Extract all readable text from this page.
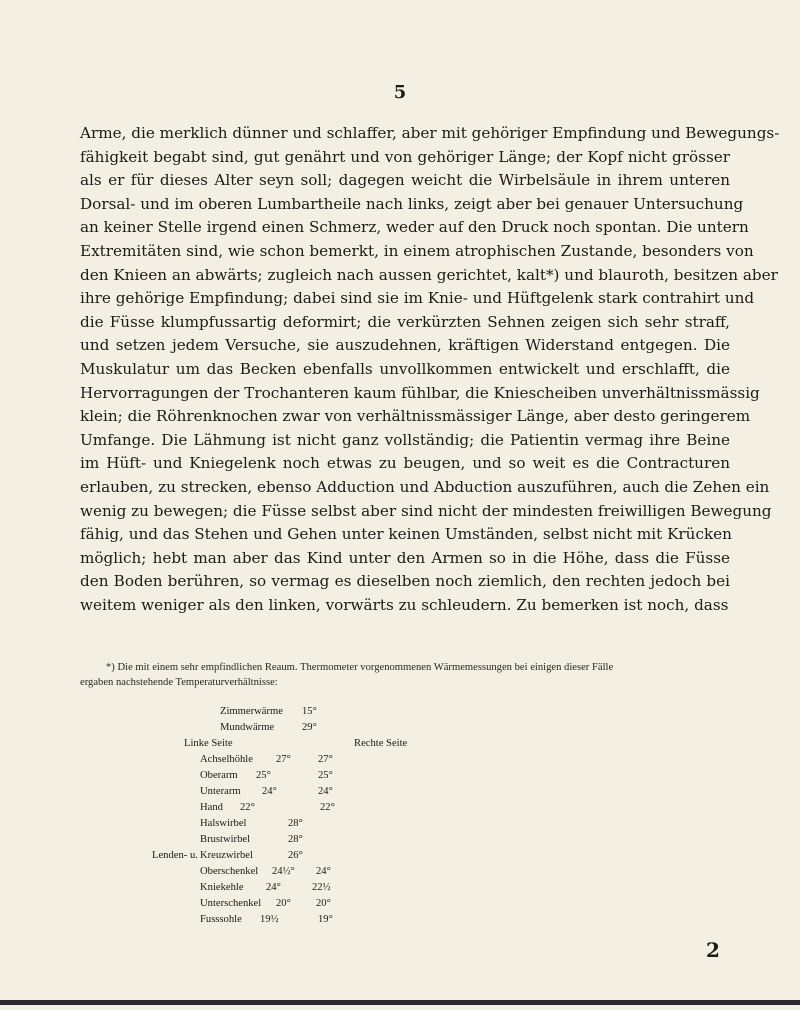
5
Arme, die merklich dünner und schlaffer, aber mit gehöriger Empfindung und Bewegungs-
fähigkeit begabt sind, gut genährt und von gehöriger Länge; der Kopf nicht grösser
als er für dieses Alter seyn soll; dagegen weicht die Wirbelsäule in ihrem unteren
Dorsal- und im oberen Lumbartheile nach links, zeigt aber bei genauer Untersuchung
an keiner Stelle irgend einen Schmerz, weder auf den Druck noch spontan. Die untern
Extremitäten sind, wie schon bemerkt, in einem atrophischen Zustande, besonders von
den Knieen an abwärts; zugleich nach aussen gerichtet, kalt*) und blauroth, besitzen aber
ihre gehörige Empfindung; dabei sind sie im Knie- und Hüftgelenk stark contrahirt und
die Füsse klumpfussartig deformirt; die verkürzten Sehnen zeigen sich sehr straff,
und setzen jedem Versuche, sie auszudehnen, kräftigen Widerstand entgegen. Die
Muskulatur um das Becken ebenfalls unvollkommen entwickelt und erschlafft, die
Hervorragungen der Trochanteren kaum fühlbar, die Kniescheiben unverhältnissmässig
klein; die Röhrenknochen zwar von verhältnissmässiger Länge, aber desto geringerem
Umfange. Die Lähmung ist nicht ganz vollständig; die Patientin vermag ihre Beine
im Hüft- und Kniegelenk noch etwas zu beugen, und so weit es die Contracturen
erlauben, zu strecken, ebenso Adduction und Abduction auszuführen, auch die Zehen ein
wenig zu bewegen; die Füsse selbst aber sind nicht der mindesten freiwilligen Bewegung
fähig, und das Stehen und Gehen unter keinen Umständen, selbst nicht mit Krücken
möglich; hebt man aber das Kind unter den Armen so in die Höhe, dass die Füsse
den Boden berühren, so vermag es dieselben noch ziemlich, den rechten jedoch bei
weitem weniger als den linken, vorwärts zu schleudern. Zu bemerken ist noch, dass
*) Die mit einem sehr empfindlichen Reaum. Thermometer vorgenommenen Wärmemessungen bei einigen dieser Fälle
ergaben nachstehende Temperaturverhältnisse:
Zimmerwärme 15°
Mundwärme	29°
Linke Seite	Rechte Seite
Achselhöhle 27°	27°
Oberarm 25°	25°
Unterarm 24°	24°
Hand 22°	22°
Halswirbel	28°
Brustwirbel	28°
Lenden- u. Kreuzwirbel	26°
Oberschenkel 24½° 24°
Kniekehle 24°	22½
Unterschenkel 20° 20°
Fusssohle 19½	19°
2
